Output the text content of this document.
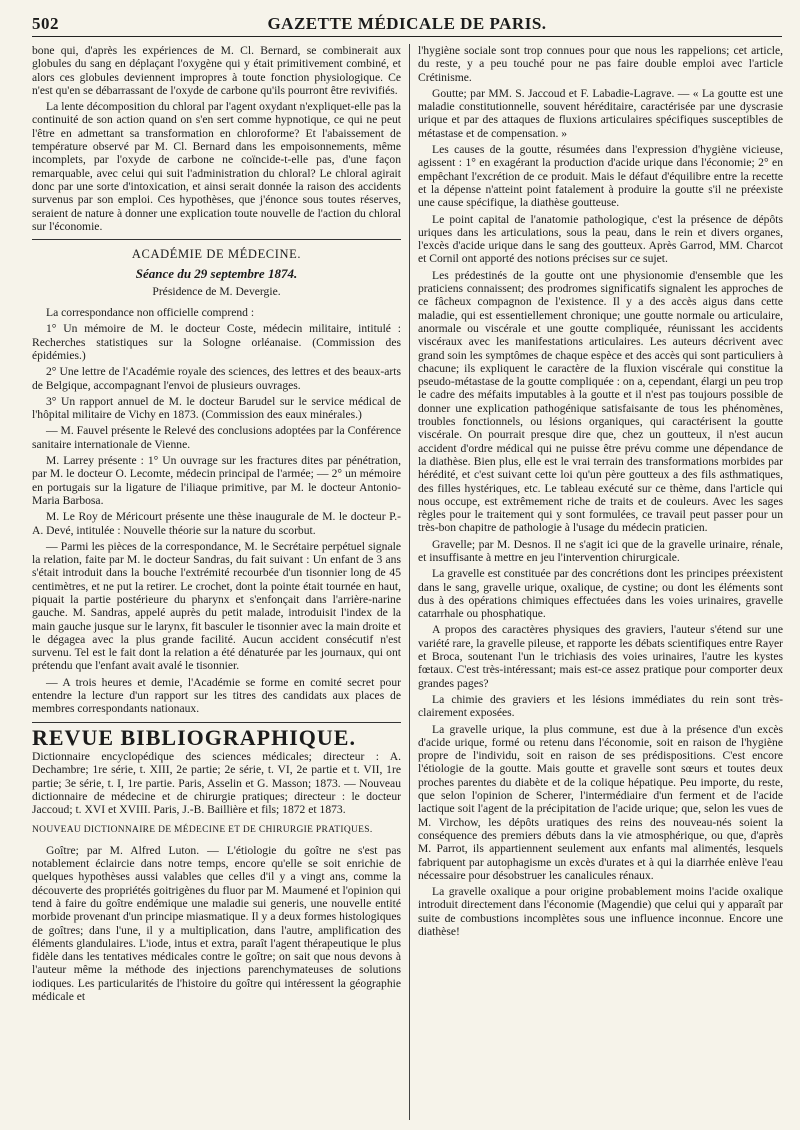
502	GAZETTE MÉDICALE DE PARIS.

bone qui, d'après les expériences de M. Cl. Bernard, se combinerait aux globules du sang en déplaçant l'oxygène qui y était primitivement combiné, et alors ces globules deviennent impropres à toute fonction physiologique. Ce n'est qu'en se débarrassant de l'oxyde de carbone qu'ils pourront être revivifiés.

La lente décomposition du chloral par l'agent oxydant n'expliquet-elle pas la continuité de son action quand on s'en sert comme hypnotique, ce qui ne peut l'être en admettant sa transformation en chloroforme? Et l'abaissement de température observé par M. Cl. Bernard dans les empoisonnements, même incomplets, par l'oxyde de carbone ne coïncide-t-elle pas, d'une façon remarquable, avec celui qui suit l'administration du chloral? Le chloral agirait donc par une sorte d'intoxication, et ainsi serait donnée la raison des accidents survenus par son emploi. Ces hypothèses, que j'énonce sous toutes réserves, seraient de nature à donner une explication toute nouvelle de l'action du chloral sur l'économie.

ACADÉMIE DE MÉDECINE.

Séance du 29 septembre 1874.

Présidence de M. Devergie.

La correspondance non officielle comprend :

1° Un mémoire de M. le docteur Coste, médecin militaire, intitulé : Recherches statistiques sur la Sologne orléanaise. (Commission des épidémies.)

2° Une lettre de l'Académie royale des sciences, des lettres et des beaux-arts de Belgique, accompagnant l'envoi de plusieurs ouvrages.

3° Un rapport annuel de M. le docteur Barudel sur le service médical de l'hôpital militaire de Vichy en 1873. (Commission des eaux minérales.)

— M. Fauvel présente le Relevé des conclusions adoptées par la Conférence sanitaire internationale de Vienne.

M. Larrey présente : 1° Un ouvrage sur les fractures dites par pénétration, par M. le docteur O. Lecomte, médecin principal de l'armée; — 2° un mémoire en portugais sur la ligature de l'iliaque primitive, par M. le docteur Antonio-Maria Barbosa.

M. Le Roy de Méricourt présente une thèse inaugurale de M. le docteur P.-A. Devé, intitulée : Nouvelle théorie sur la nature du scorbut.

— Parmi les pièces de la correspondance, M. le Secrétaire perpétuel signale la relation, faite par M. le docteur Sandras, du fait suivant : Un enfant de 3 ans s'était introduit dans la bouche l'extrémité recourbée d'un tisonnier long de 45 centimètres, et ne put la retirer. Le crochet, dont la pointe était tournée en haut, piquait la partie postérieure du pharynx et s'enfonçait dans l'arrière-narine gauche. M. Sandras, appelé auprès du petit malade, introduisit l'index de la main gauche jusque sur le larynx, fit basculer le tisonnier avec la main droite et le dégagea avec la plus grande facilité. Aucun accident consécutif n'est survenu. Tel est le fait dont la relation a été dénaturée par les journaux, qui ont prétendu que l'enfant avait avalé le tisonnier.

— A trois heures et demie, l'Académie se forme en comité secret pour entendre la lecture d'un rapport sur les titres des candidats aux places de membres correspondants nationaux.

REVUE BIBLIOGRAPHIQUE.

Dictionnaire encyclopédique des sciences médicales; directeur : A. Dechambre; 1re série, t. XIII, 2e partie; 2e série, t. VI, 2e partie et t. VII, 1re partie; 3e série, t. I, 1re partie. Paris, Asselin et G. Masson; 1873. — Nouveau dictionnaire de médecine et de chirurgie pratiques; directeur : le docteur Jaccoud; t. XVI et XVIII. Paris, J.-B. Baillière et fils; 1872 et 1873.

NOUVEAU DICTIONNAIRE DE MÉDECINE ET DE CHIRURGIE PRATIQUES.

Goître; par M. Alfred Luton. — L'étiologie du goître ne s'est pas notablement éclaircie dans notre temps, encore qu'elle se soit enrichie de quelques hypothèses aussi valables que celles d'il y a vingt ans, comme la découverte des propriétés goitrigènes du fluor par M. Maumené et l'opinion qui tend à faire du goître endémique une maladie sui generis, une nouvelle entité morbide provenant d'un principe miasmatique. Il y a deux formes histologiques de goîtres; dans l'une, il y a multiplication, dans l'autre, amplification des éléments glandulaires. L'iode, intus et extra, paraît l'agent thérapeutique le plus fidèle dans les tentatives médicales contre le goître; on sait que nous devons à l'auteur même la méthode des injections parenchymateuses de solutions iodiques. Les particularités de l'histoire du goître qui intéressent la géographie médicale et

l'hygiène sociale sont trop connues pour que nous les rappelions; cet article, du reste, y a peu touché pour ne pas faire double emploi avec l'article Crétinisme.

Goutte; par MM. S. Jaccoud et F. Labadie-Lagrave. — « La goutte est une maladie constitutionnelle, souvent héréditaire, caractérisée par une dyscrasie urique et par des attaques de fluxions articulaires spécifiques susceptibles de métastase et de compensation. »

Les causes de la goutte, résumées dans l'expression d'hygiène vicieuse, agissent : 1° en exagérant la production d'acide urique dans l'économie; 2° en empêchant l'excrétion de ce produit. Mais le défaut d'équilibre entre la recette et la dépense n'atteint point fatalement à produire la goutte s'il ne préexiste une cause spécifique, la diathèse goutteuse.

Le point capital de l'anatomie pathologique, c'est la présence de dépôts uriques dans les articulations, sous la peau, dans le rein et divers organes, l'excès d'acide urique dans le sang des goutteux. Après Garrod, MM. Charcot et Cornil ont apporté des notions précises sur ce sujet.

Les prédestinés de la goutte ont une physionomie d'ensemble que les praticiens connaissent; des prodromes significatifs signalent les approches de ce fâcheux compagnon de l'existence. Il y a des accès aigus dans cette maladie, qui est essentiellement chronique; une goutte normale ou articulaire, anormale ou viscérale et une goutte compliquée, réunissant les accidents viscéraux avec les manifestations articulaires. Les auteurs décrivent avec grand soin les symptômes de chaque espèce et des accès qui sont particuliers à chacune; ils expliquent le caractère de la fluxion viscérale qui constitue la pseudo-métastase de la goutte compliquée : on a, cependant, élargi un peu trop le cadre des méfaits imputables à la goutte et il n'est pas toujours possible de donner une explication pathogénique satisfaisante de tous les phénomènes, troubles fonctionnels, ou lésions organiques, qui caractérisent la goutte viscérale. On pourrait presque dire que, chez un goutteux, il n'est aucun accident d'ordre médical qui ne puisse être prévu comme une dépendance de la diathèse. Bien plus, elle est le vrai terrain des transformations morbides par hérédité, et c'est suivant cette loi qu'un père goutteux a des fils asthmatiques, des filles hystériques, etc. Le tableau exécuté sur ce thème, dans l'article qui nous occupe, est extrêmement riche de traits et de couleurs. Avec les sages règles pour le traitement qui y sont formulées, ce travail peut passer pour un très-bon chapitre de pathologie à l'usage du médecin praticien.

Gravelle; par M. Desnos. Il ne s'agit ici que de la gravelle urinaire, rénale, et insuffisante à mettre en jeu l'intervention chirurgicale.

La gravelle est constituée par des concrétions dont les principes préexistent dans le sang, gravelle urique, oxalique, de cystine; ou dont les éléments sont dus à des opérations chimiques effectuées dans les voies urinaires, gravelle catarrhale ou phosphatique.

A propos des caractères physiques des graviers, l'auteur s'étend sur une variété rare, la gravelle pileuse, et rapporte les débats scientifiques entre Rayer et Broca, soutenant l'un le trichiasis des voies urinaires, l'autre les kystes fœtaux. C'est très-intéressant; mais est-ce assez pratique pour comporter deux grandes pages?

La chimie des graviers et les lésions immédiates du rein sont très-clairement exposées.

La gravelle urique, la plus commune, est due à la présence d'un excès d'acide urique, formé ou retenu dans l'économie, soit en raison de l'hygiène propre de l'individu, soit en raison de ses prédispositions. C'est encore l'étiologie de la goutte. Mais goutte et gravelle sont sœurs et toutes deux proches parentes du diabète et de la colique hépatique. Peu importe, du reste, que selon l'opinion de Scherer, l'intermédiaire d'un ferment et de l'acide lactique soit l'agent de la précipitation de l'acide urique; que, selon les vues de M. Virchow, les dépôts uratiques des reins des nouveau-nés soient la conséquence des premiers débuts dans la vie atmosphérique, ou que, d'après M. Parrot, ils appartiennent seulement aux enfants mal alimentés, lesquels fabriquent par autophagisme un excès d'urates et à qui la diarrhée enlève l'eau nécessaire pour désobstruer les canalicules rénaux.

La gravelle oxalique a pour origine probablement moins l'acide oxalique introduit directement dans l'économie (Magendie) que celui qui y apparaît par suite de combustions incomplètes sous une influence inconnue. Encore une diathèse!
